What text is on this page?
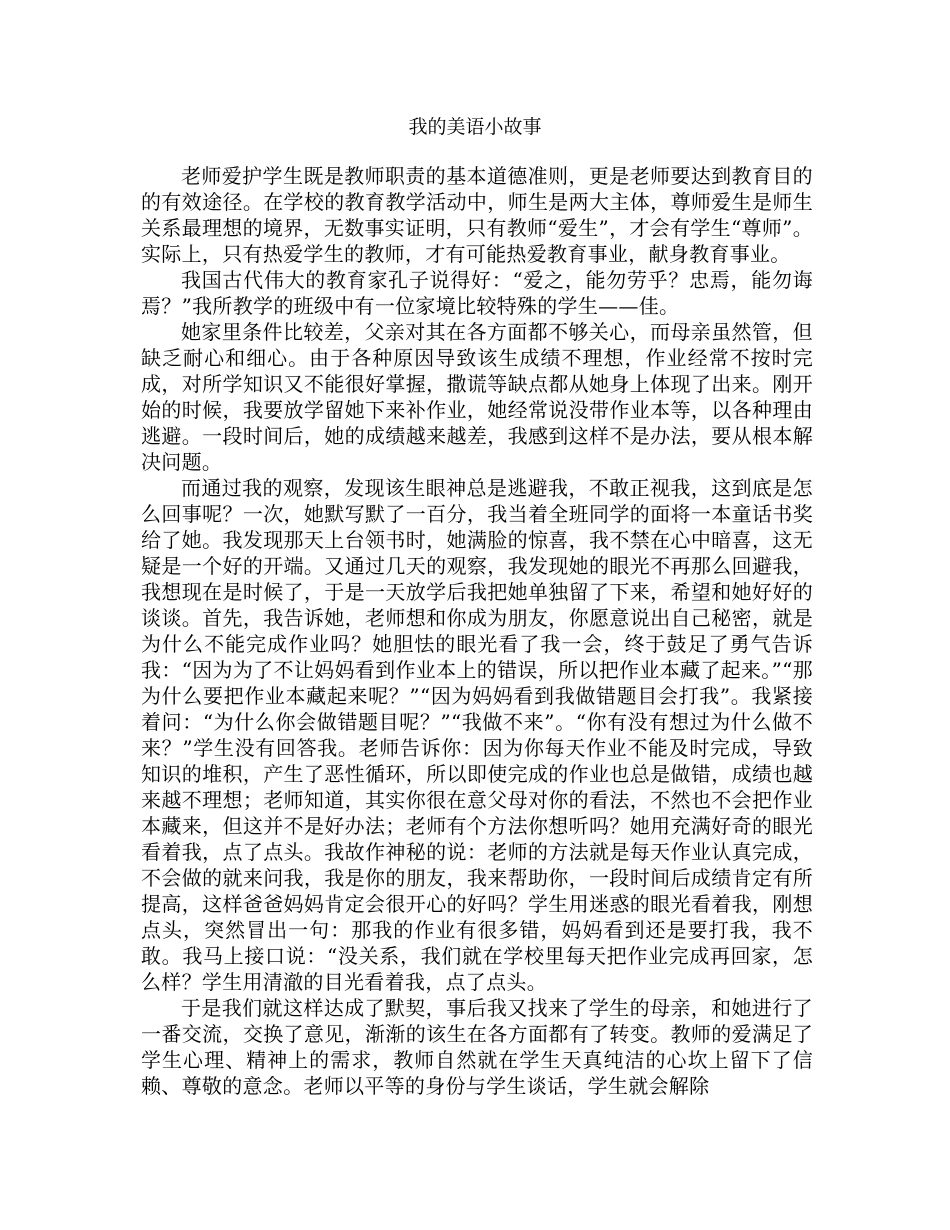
我的美语小故事

老师爱护学生既是教师职责的基本道德准则，更是老师要达到教育目的的有效途径。在学校的教育教学活动中，师生是两大主体，尊师爱生是师生关系最理想的境界，无数事实证明，只有教师“爱生”，才会有学生“尊师”。实际上，只有热爱学生的教师，才有可能热爱教育事业，献身教育事业。

我国古代伟大的教育家孔子说得好：“爱之，能勿劳乎？忠焉，能勿诲焉？”我所教学的班级中有一位家境比较特殊的学生——佳。

她家里条件比较差，父亲对其在各方面都不够关心，而母亲虽然管，但缺乏耐心和细心。由于各种原因导致该生成绩不理想，作业经常不按时完成，对所学知识又不能很好掌握，撒谎等缺点都从她身上体现了出来。刚开始的时候，我要放学留她下来补作业，她经常说没带作业本等，以各种理由逃避。一段时间后，她的成绩越来越差，我感到这样不是办法，要从根本解决问题。

而通过我的观察，发现该生眼神总是逃避我，不敢正视我，这到底是怎么回事呢？一次，她默写默了一百分，我当着全班同学的面将一本童话书奖给了她。我发现那天上台领书时，她满脸的惊喜，我不禁在心中暗喜，这无疑是一个好的开端。又通过几天的观察，我发现她的眼光不再那么回避我，我想现在是时候了，于是一天放学后我把她单独留了下来，希望和她好好的谈谈。首先，我告诉她，老师想和你成为朋友，你愿意说出自己秘密，就是为什么不能完成作业吗？她胆怯的眼光看了我一会，终于鼓足了勇气告诉我：“因为为了不让妈妈看到作业本上的错误，所以把作业本藏了起来。”“那为什么要把作业本藏起来呢？”“因为妈妈看到我做错题目会打我”。我紧接着问：“为什么你会做错题目呢？”“我做不来”。“你有没有想过为什么做不来？”学生没有回答我。老师告诉你：因为你每天作业不能及时完成，导致知识的堆积，产生了恶性循环，所以即使完成的作业也总是做错，成绩也越来越不理想；老师知道，其实你很在意父母对你的看法，不然也不会把作业本藏来，但这并不是好办法；老师有个方法你想听吗？她用充满好奇的眼光看着我，点了点头。我故作神秘的说：老师的方法就是每天作业认真完成，不会做的就来问我，我是你的朋友，我来帮助你，一段时间后成绩肯定有所提高，这样爸爸妈妈肯定会很开心的好吗？学生用迷惑的眼光看着我，刚想点头，突然冒出一句：那我的作业有很多错，妈妈看到还是要打我，我不敢。我马上接口说：“没关系，我们就在学校里每天把作业完成再回家，怎么样？学生用清澈的目光看着我，点了点头。

于是我们就这样达成了默契，事后我又找来了学生的母亲，和她进行了一番交流，交换了意见，渐渐的该生在各方面都有了转变。教师的爱满足了学生心理、精神上的需求，教师自然就在学生天真纯洁的心坎上留下了信赖、尊敬的意念。老师以平等的身份与学生谈话，学生就会解除
